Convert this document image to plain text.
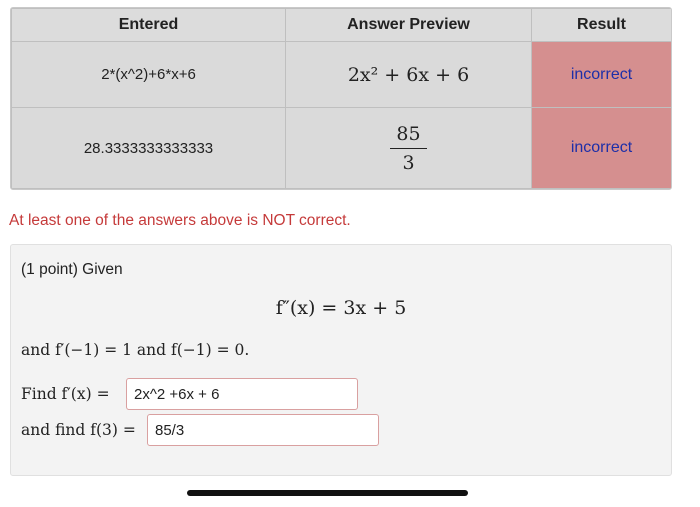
Entered	Answer Preview	Result
2*(x^2)+6*x+6	2x² + 6x + 6	incorrect
28.3333333333333	$\frac{85}{3}$	incorrect
At least one of the answers above is NOT correct.
(1 point) Given
f″(x) = 3x + 5
and f′(−1) = 1 and f(−1) = 0.
Find f′(x) =
2x^2 +6x + 6
and find f(3) =
85/3
